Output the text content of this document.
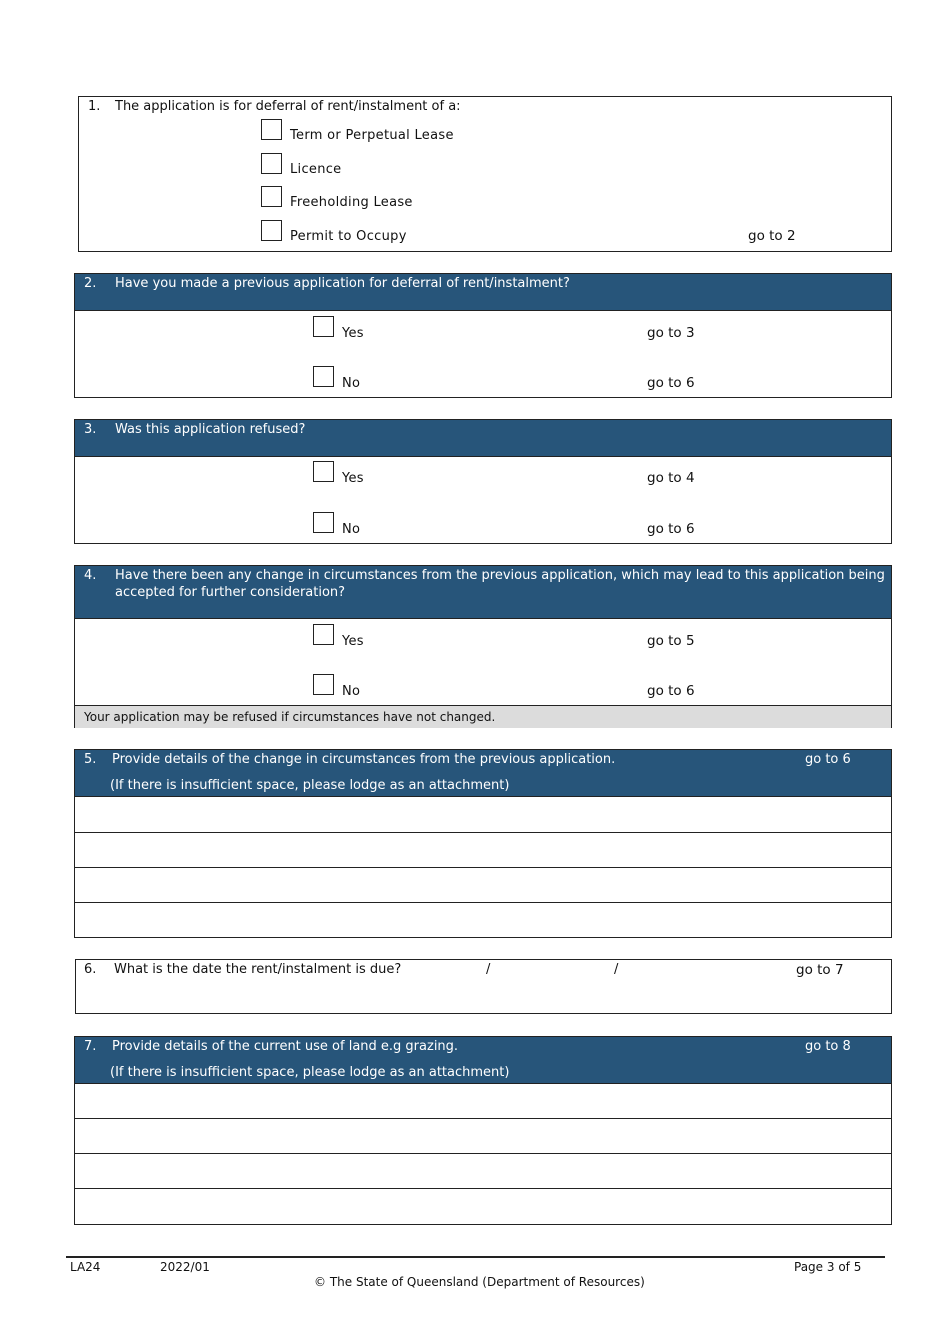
1. The application is for deferral of rent/instalment of a:
Term or Perpetual Lease
Licence
Freeholding Lease
Permit to Occupy	go to 2
2. Have you made a previous application for deferral of rent/instalment?
Yes	go to 3
No	go to 6
3. Was this application refused?
Yes	go to 4
No	go to 6
4. Have there been any change in circumstances from the previous application, which may lead to this application being
accepted for further consideration?
Yes	go to 5
No	go to 6
Your application may be refused if circumstances have not changed.
5. Provide details of the change in circumstances from the previous application.	go to 6
(If there is insufficient space, please lodge as an attachment)
6. What is the date the rent/instalment is due?	/	/	go to 7
7. Provide details of the current use of land e.g grazing.	go to 8
(If there is insufficient space, please lodge as an attachment)
LA24	2022/01	Page 3 of 5
© The State of Queensland (Department of Resources)
